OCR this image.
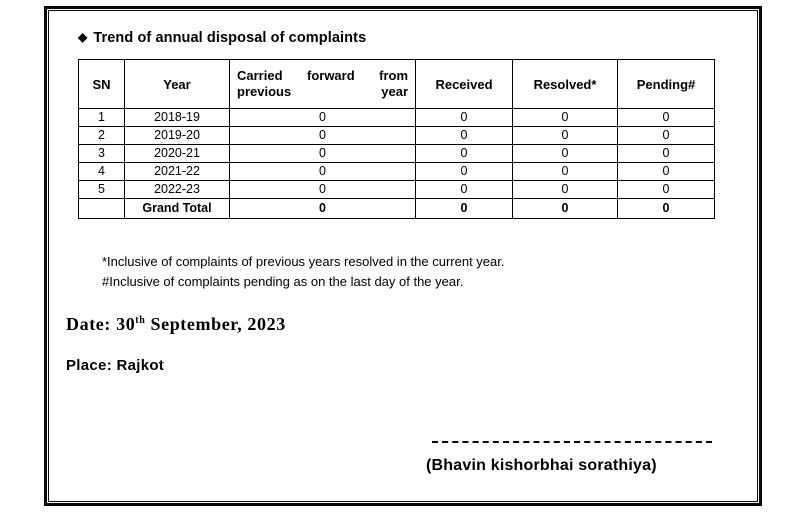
◆ Trend of annual disposal of complaints
SN	Year	Carried forward from previous year	Received	Resolved*	Pending#
1	2018-19	0	0	0	0
2	2019-20	0	0	0	0
3	2020-21	0	0	0	0
4	2021-22	0	0	0	0
5	2022-23	0	0	0	0
	Grand Total	0	0	0	0
*Inclusive of complaints of previous years resolved in the current year.
#Inclusive of complaints pending as on the last day of the year.
Date: 30th September, 2023
Place: Rajkot
(Bhavin kishorbhai sorathiya)
